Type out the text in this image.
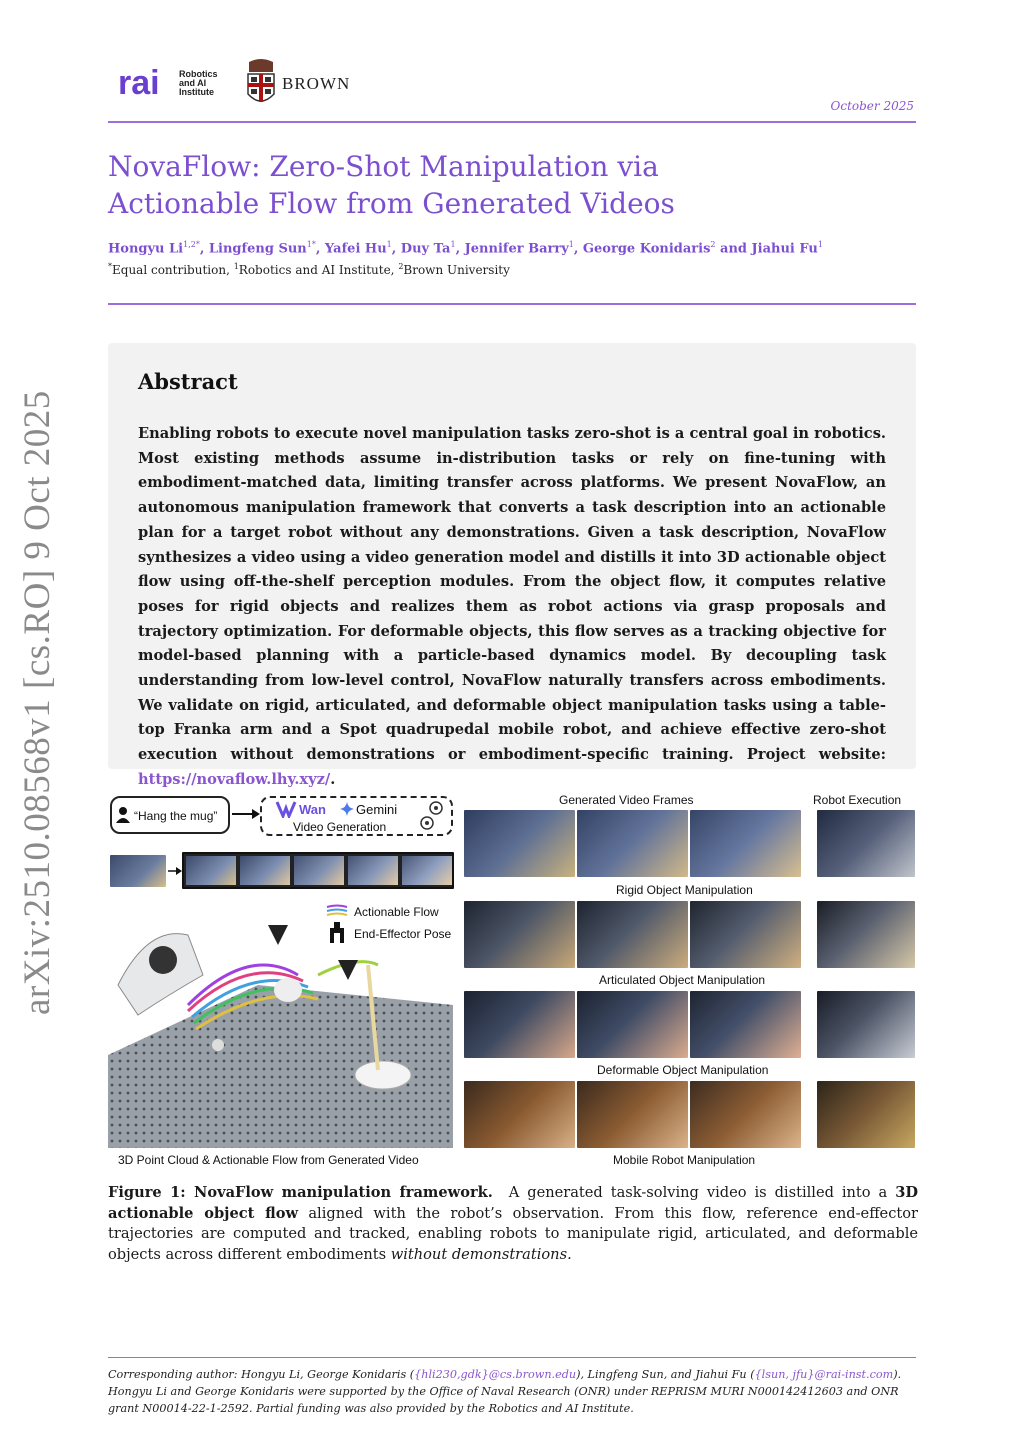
rai Robotics
and AI
Institute	BROWN
October 2025
NovaFlow: Zero-Shot Manipulation via
Actionable Flow from Generated Videos
Hongyu $Li^{1,2*}$, Lingfeng Sun$^{1*}$, Yafei Hu$^1$, Duy Ta$^1$, Jennifer Barry$^1$, George Konidaris$^2$ and Jiahui Fu$^1$
*Equal contribution, $^1$Robotics and AI Institute, $^2$Brown University
Abstract
Enabling robots to execute novel manipulation tasks zero-shot is a central goal in robotics. Most existing methods assume in-distribution tasks or rely on fine-tuning with embodiment-matched data, limiting transfer across platforms. We present NovaFlow, an autonomous manipulation framework that converts a task description into an actionable plan for a target robot without any demonstrations. Given a task description, NovaFlow synthesizes a video using a video generation model and distills it into 3D actionable object flow using off-the-shelf perception modules. From the object flow, it computes relative poses for rigid objects and realizes them as robot actions via grasp proposals and trajectory optimization. For deformable objects, this flow serves as a tracking objective for model-based planning with a particle-based dynamics model. By decoupling task understanding from low-level control, NovaFlow naturally transfers across embodiments. We validate on rigid, articulated, and deformable object manipulation tasks using a table-top Franka arm and a Spot quadrupedal mobile robot, and achieve effective zero-shot execution without demonstrations or embodiment-specific training. Project website: https://novaflow.lhy.xyz/.
arXiv:2510.08568v1 [cs.RO] 9 Oct 2025	“Hang the mug”	Wan Gemini
Video Generation
Actionable Flow
End-Effector Pose
3D Point Cloud & Actionable Flow from Generated Video
Generated Video Frames	Robot Execution
Rigid Object Manipulation
Articulated Object Manipulation
Deformable Object Manipulation
Mobile Robot Manipulation
Figure 1: NovaFlow manipulation framework. A generated task-solving video is distilled into a 3D actionable object flow aligned with the robot’s observation. From this flow, reference end-effector trajectories are computed and tracked, enabling robots to manipulate rigid, articulated, and deformable objects across different embodiments without demonstrations.
Corresponding author: Hongyu Li, George Konidaris ({hli230,gdk}@cs.brown.edu), Lingfeng Sun, and Jiahui Fu ({lsun, jfu}@rai-inst.com).
Hongyu Li and George Konidaris were supported by the Office of Naval Research (ONR) under REPRISM MURI N000142412603 and ONR grant N00014-22-1-2592. Partial funding was also provided by the Robotics and AI Institute.
